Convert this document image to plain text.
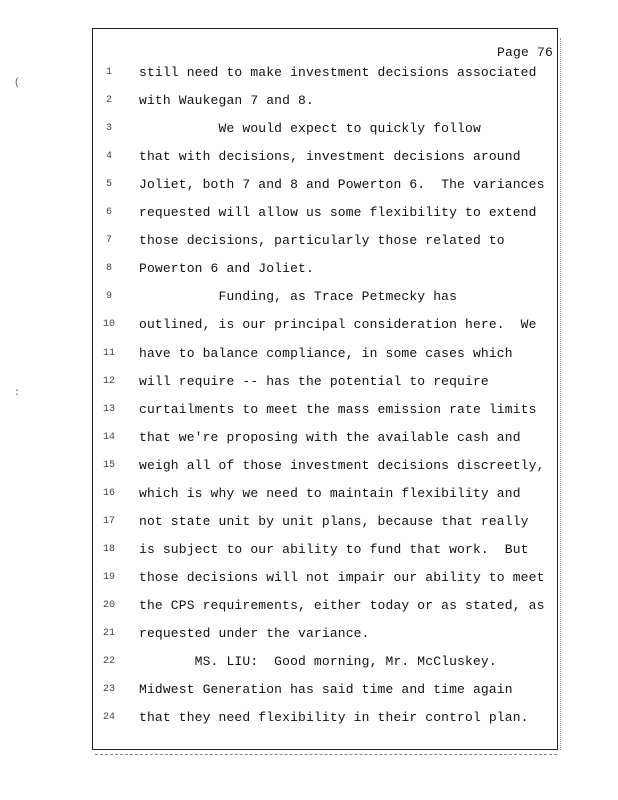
Page 76
1	still need to make investment decisions associated
2	with Waukegan 7 and 8.
3	We would expect to quickly follow
4	that with decisions, investment decisions around
5	Joliet, both 7 and 8 and Powerton 6.  The variances
6	requested will allow us some flexibility to extend
7	those decisions, particularly those related to
8	Powerton 6 and Joliet.
9	Funding, as Trace Petmecky has
10	outlined, is our principal consideration here.  We
11	have to balance compliance, in some cases which
12	will require -- has the potential to require
13	curtailments to meet the mass emission rate limits
14	that we're proposing with the available cash and
15	weigh all of those investment decisions discreetly,
16	which is why we need to maintain flexibility and
17	not state unit by unit plans, because that really
18	is subject to our ability to fund that work.  But
19	those decisions will not impair our ability to meet
20	the CPS requirements, either today or as stated, as
21	requested under the variance.
22	MS. LIU:  Good morning, Mr. McCluskey.
23	Midwest Generation has said time and time again
24	that they need flexibility in their control plan.
(
:
